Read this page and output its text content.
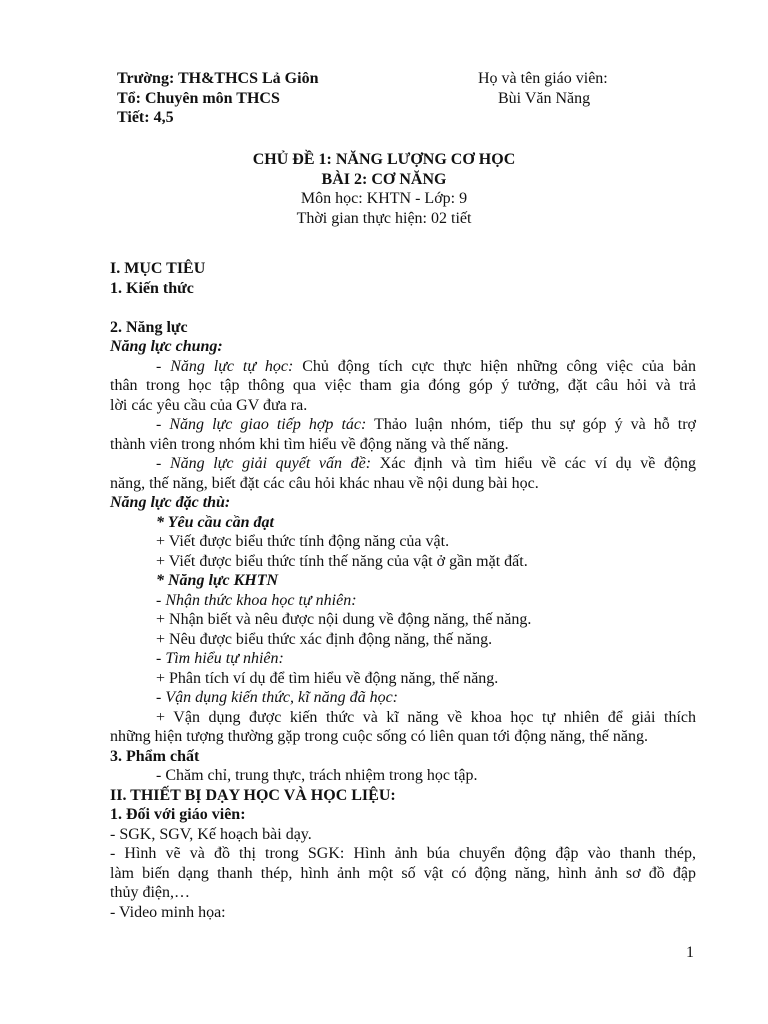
Trường: TH&THCS Lả Giôn
Tổ: Chuyên môn THCS
Tiết: 4,5
Họ và tên giáo viên:
Bùi Văn Năng
CHỦ ĐỀ 1: NĂNG LƯỢNG CƠ HỌC
BÀI 2: CƠ NĂNG
Môn học: KHTN - Lớp: 9
Thời gian thực hiện: 02 tiết
I. MỤC TIÊU
1. Kiến thức
2. Năng lực
Năng lực chung:
- Năng lực tự học: Chủ động tích cực thực hiện những công việc của bản
thân trong học tập thông qua việc tham gia đóng góp ý tưởng, đặt câu hỏi và trả
lời các yêu cầu của GV đưa ra.
- Năng lực giao tiếp hợp tác: Thảo luận nhóm, tiếp thu sự góp ý và hỗ trợ
thành viên trong nhóm khi tìm hiểu về động năng và thế năng.
- Năng lực giải quyết vấn đề: Xác định và tìm hiểu về các ví dụ về động
năng, thế năng, biết đặt các câu hỏi khác nhau về nội dung bài học.
Năng lực đặc thù:
* Yêu cầu cần đạt
+ Viết được biểu thức tính động năng của vật.
+ Viết được biểu thức tính thế năng của vật ở gần mặt đất.
* Năng lực KHTN
- Nhận thức khoa học tự nhiên:
+ Nhận biết và nêu được nội dung về động năng, thế năng.
+ Nêu được biểu thức xác định động năng, thế năng.
- Tìm hiểu tự nhiên:
+ Phân tích ví dụ để tìm hiểu về động năng, thế năng.
- Vận dụng kiến thức, kĩ năng đã học:
+ Vận dụng được kiến thức và kĩ năng về khoa học tự nhiên để giải thích
những hiện tượng thường gặp trong cuộc sống có liên quan tới động năng, thế năng.
3. Phẩm chất
- Chăm chỉ, trung thực, trách nhiệm trong học tập.
II. THIẾT BỊ DẠY HỌC VÀ HỌC LIỆU:
1. Đối với giáo viên:
- SGK, SGV, Kế hoạch bài dạy.
- Hình vẽ và đồ thị trong SGK: Hình ảnh búa chuyển động đập vào thanh thép,
làm biến dạng thanh thép, hình ảnh một số vật có động năng, hình ảnh sơ đồ đập
thủy điện,…
- Video minh họa:
1
